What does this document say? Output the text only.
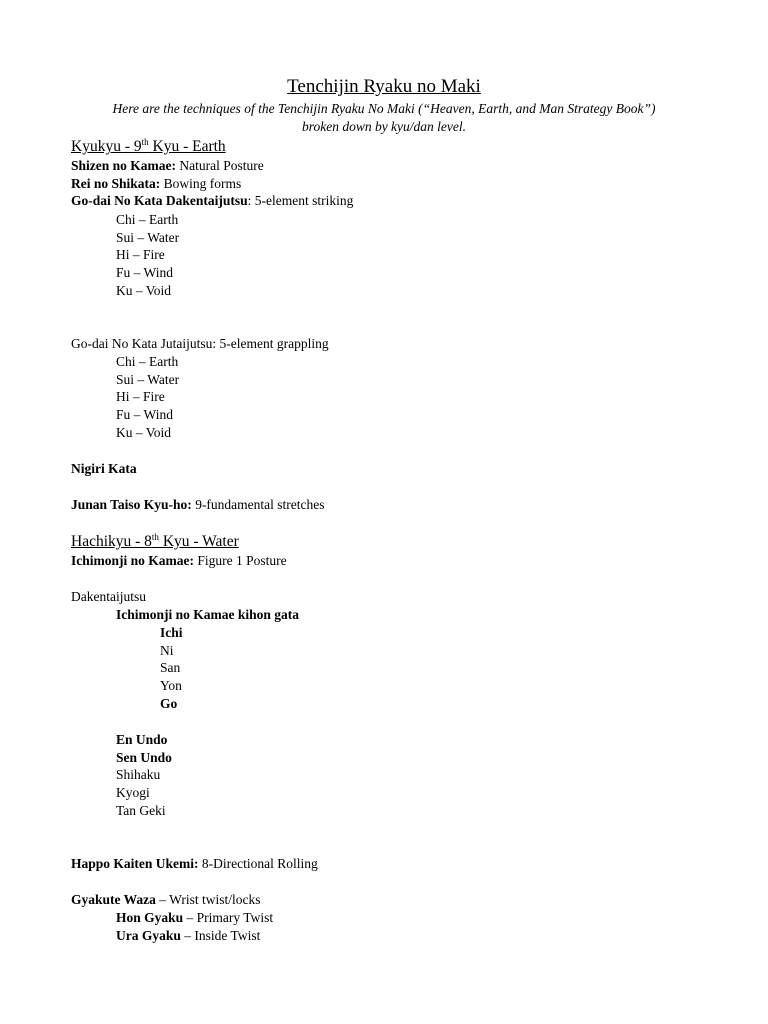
Tenchijin Ryaku no Maki
Here are the techniques of the Tenchijin Ryaku No Maki (“Heaven, Earth, and Man Strategy Book”)
broken down by kyu/dan level.
Kyukyu - 9th Kyu - Earth
Shizen no Kamae: Natural Posture
Rei no Shikata: Bowing forms
Go-dai No Kata Dakentaijutsu: 5-element striking
Chi – Earth
Sui – Water
Hi – Fire
Fu – Wind
Ku – Void
Go-dai No Kata Jutaijutsu: 5-element grappling
Chi – Earth
Sui – Water
Hi – Fire
Fu – Wind
Ku – Void
Nigiri Kata
Junan Taiso Kyu-ho: 9-fundamental stretches
Hachikyu - 8th Kyu - Water
Ichimonji no Kamae: Figure 1 Posture
Dakentaijutsu
Ichimonji no Kamae kihon gata
Ichi
Ni
San
Yon
Go
En Undo
Sen Undo
Shihaku
Kyogi
Tan Geki
Happo Kaiten Ukemi: 8-Directional Rolling
Gyakute Waza – Wrist twist/locks
Hon Gyaku – Primary Twist
Ura Gyaku – Inside Twist
